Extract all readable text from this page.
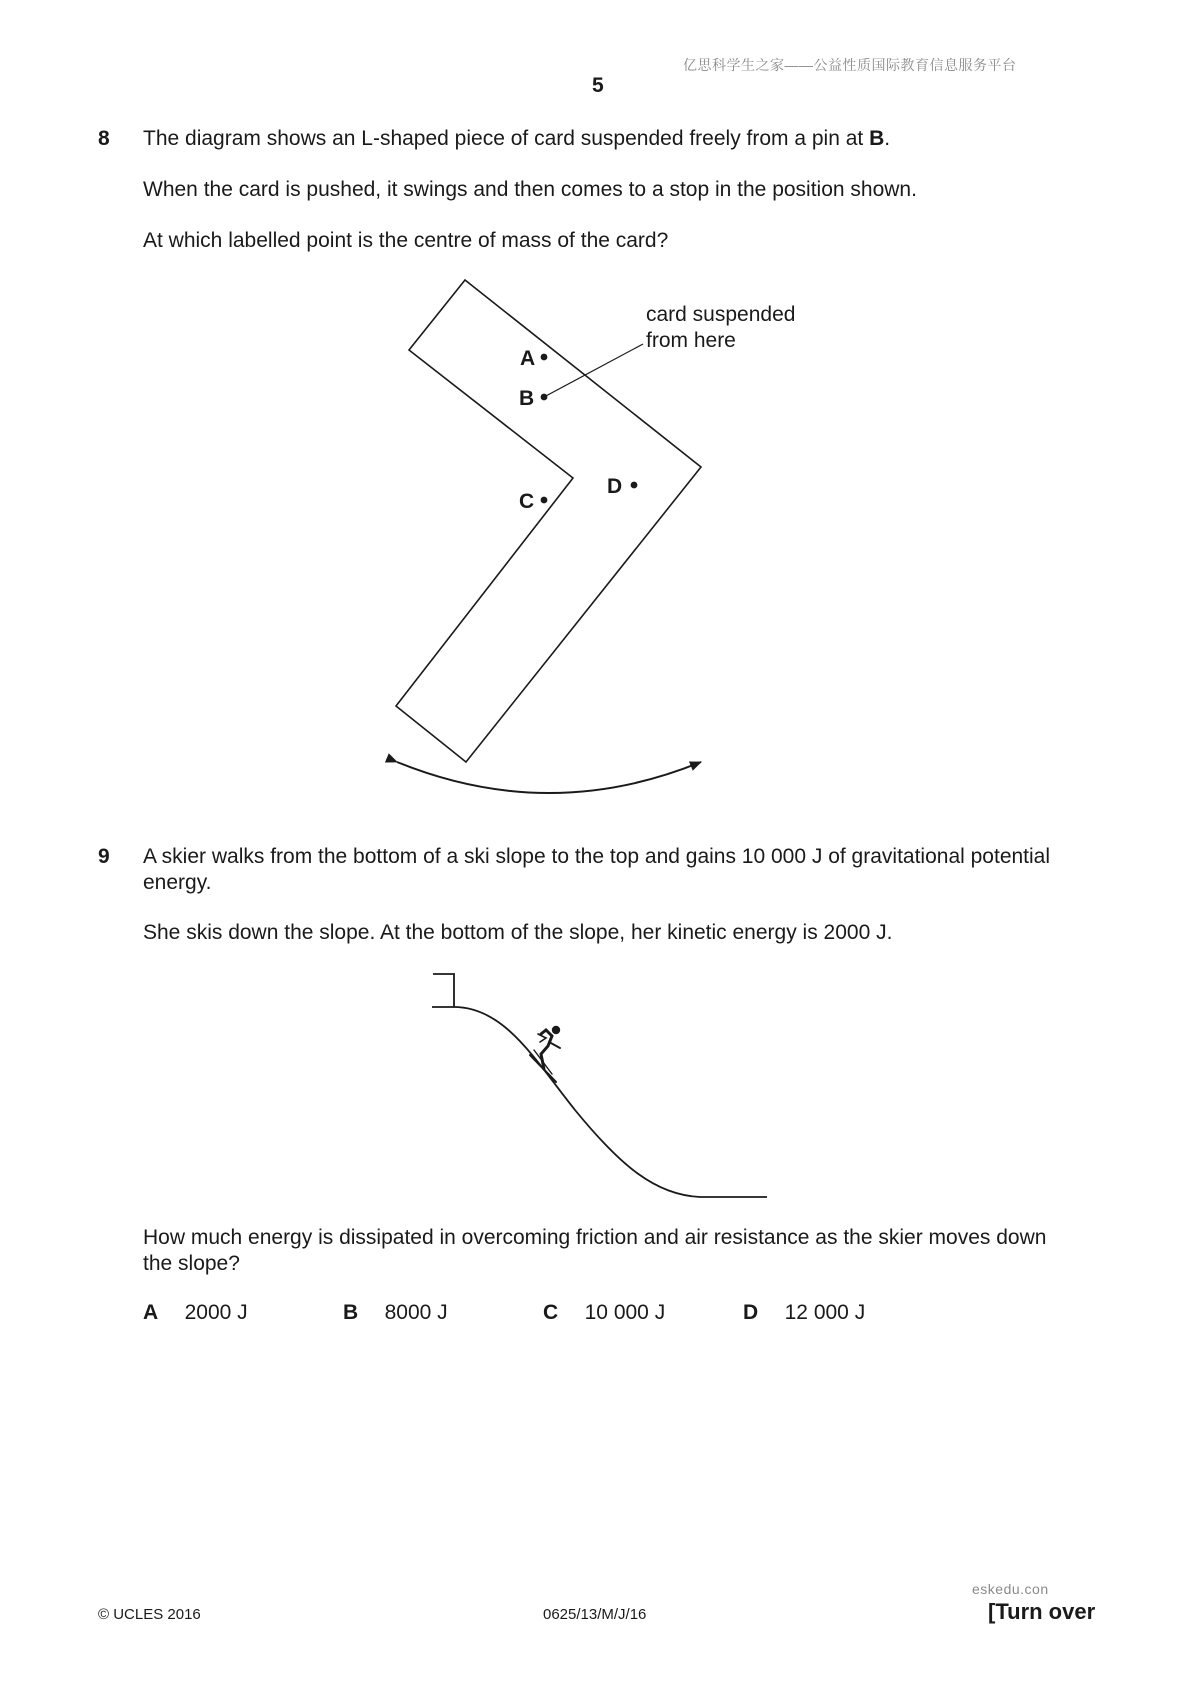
亿思科学生之家——公益性质国际教育信息服务平台
5
8 The diagram shows an L-shaped piece of card suspended freely from a pin at B.
When the card is pushed, it swings and then comes to a stop in the position shown.
At which labelled point is the centre of mass of the card?
A
B
C
D
card suspended
from here
9 A skier walks from the bottom of a ski slope to the top and gains 10 000 J of gravitational potential
energy.
She skis down the slope. At the bottom of the slope, her kinetic energy is 2000 J.
How much energy is dissipated in overcoming friction and air resistance as the skier moves down
the slope?
A 2000 J	B 8000 J	C 10 000 J	D 12 000 J
eskedu.con
© UCLES 2016	0625/13/M/J/16	[Turn over
